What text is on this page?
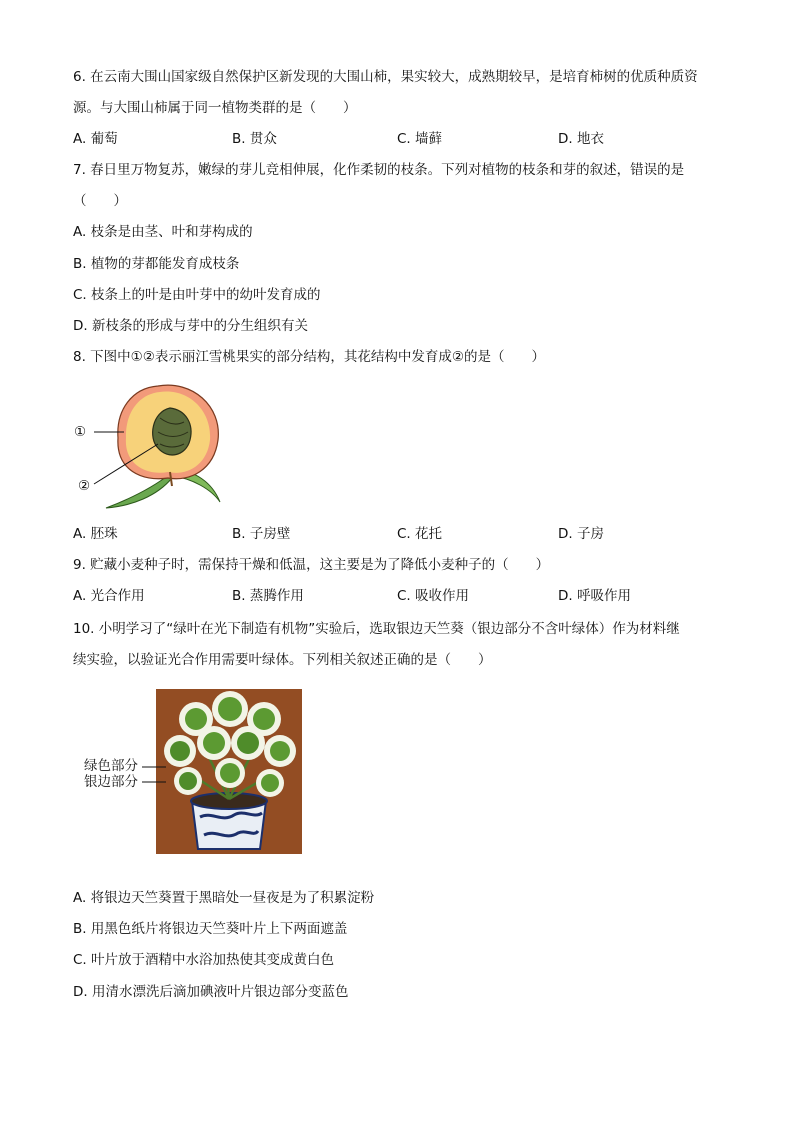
6. 在云南大围山国家级自然保护区新发现的大围山柿，果实较大，成熟期较早，是培育柿树的优质种质资
源。与大围山柿属于同一植物类群的是（　　）
A. 葡萄	B. 贯众	C. 墙藓	D. 地衣
7. 春日里万物复苏，嫩绿的芽儿竞相伸展，化作柔韧的枝条。下列对植物的枝条和芽的叙述，错误的是
（　　）
A. 枝条是由茎、叶和芽构成的
B. 植物的芽都能发育成枝条
C. 枝条上的叶是由叶芽中的幼叶发育成的
D. 新枝条的形成与芽中的分生组织有关
8. 下图中①②表示丽江雪桃果实的部分结构，其花结构中发育成②的是（　　）
①
②
A. 胚珠	B. 子房壁	C. 花托	D. 子房
9. 贮藏小麦种子时，需保持干燥和低温，这主要是为了降低小麦种子的（　　）
A. 光合作用	B. 蒸腾作用	C. 吸收作用	D. 呼吸作用
10. 小明学习了“绿叶在光下制造有机物”实验后，选取银边天竺葵（银边部分不含叶绿体）作为材料继
续实验，以验证光合作用需要叶绿体。下列相关叙述正确的是（　　）
绿色部分
银边部分
A. 将银边天竺葵置于黑暗处一昼夜是为了积累淀粉
B. 用黑色纸片将银边天竺葵叶片上下两面遮盖
C. 叶片放于酒精中水浴加热使其变成黄白色
D. 用清水漂洗后滴加碘液叶片银边部分变蓝色
